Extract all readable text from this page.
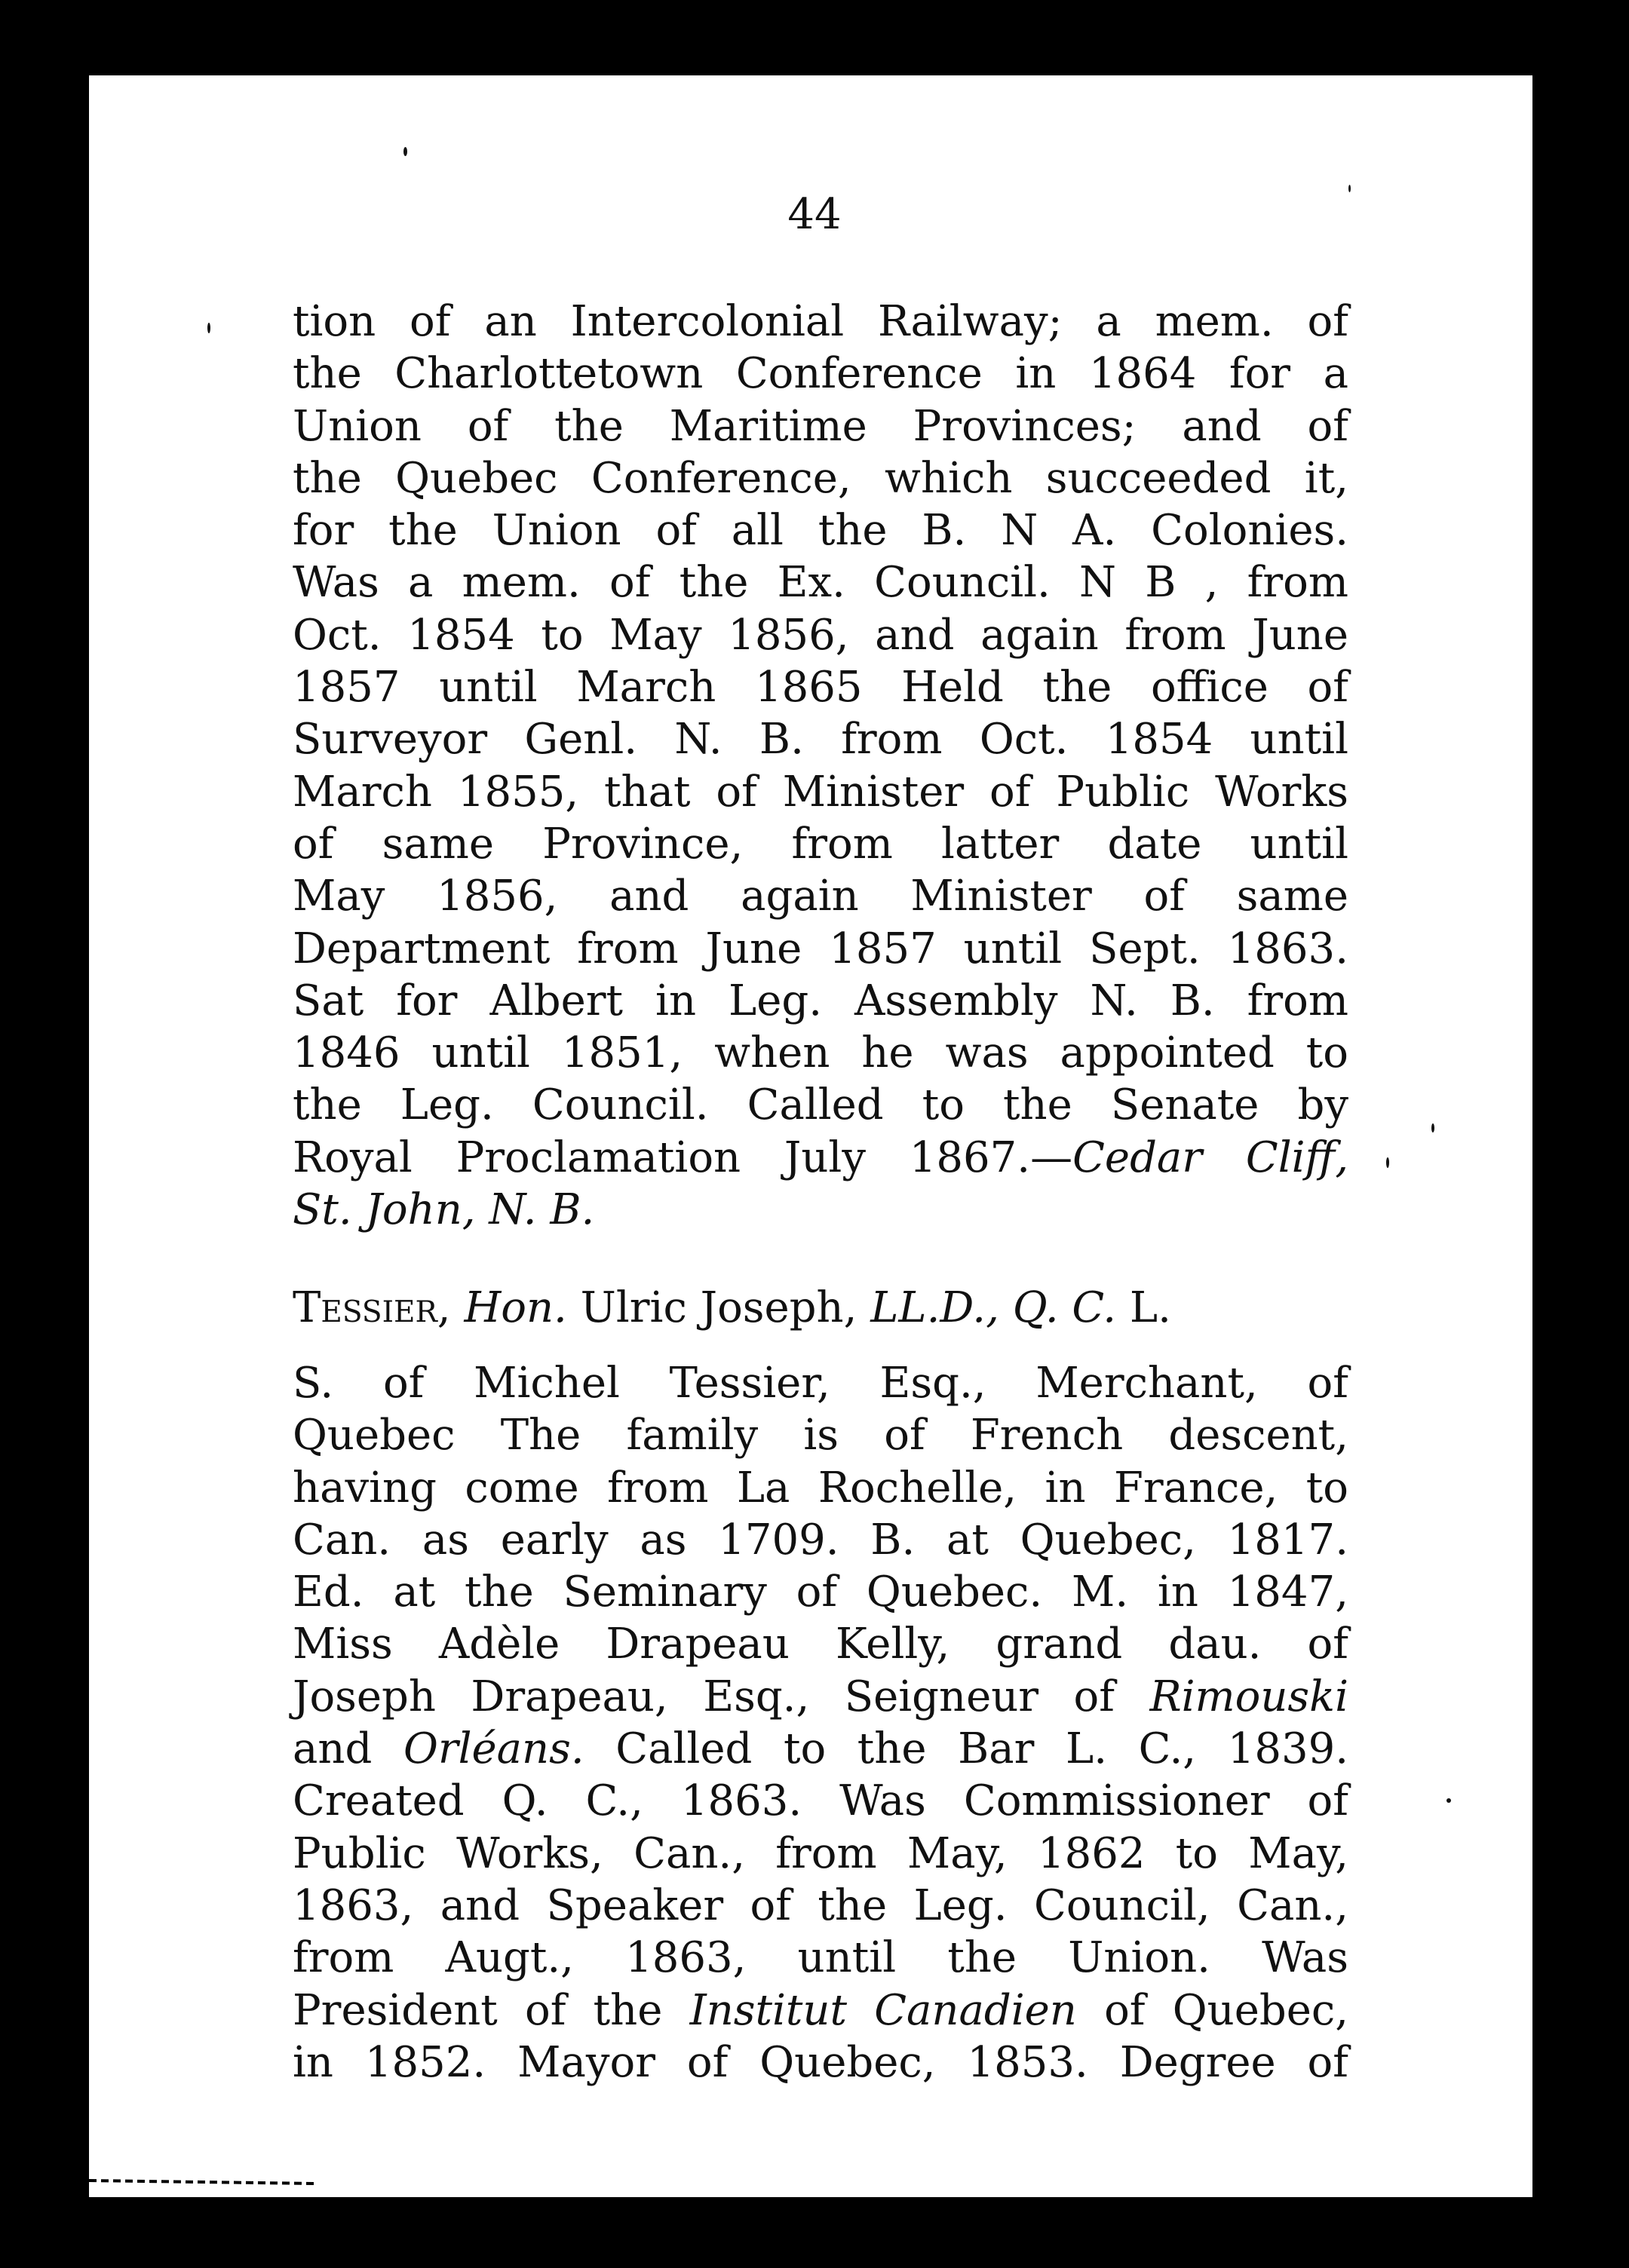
44
tion of an Intercolonial Railway; a mem. of
the Charlottetown Conference in 1864 for a
Union of the Maritime Provinces; and of
the Quebec Conference, which succeeded it,
for the Union of all the B. N A. Colonies.
Was a mem. of the Ex. Council. N B , from
Oct. 1854 to May 1856, and again from June
1857 until March 1865 Held the office of
Surveyor Genl. N. B. from Oct. 1854 until
March 1855, that of Minister of Public Works
of same Province, from latter date until
May 1856, and again Minister of same
Department from June 1857 until Sept. 1863.
Sat for Albert in Leg. Assembly N. B. from
1846 until 1851, when he was appointed to
the Leg. Council. Called to the Senate by
Royal Proclamation July 1867.—Cedar Cliff,
St. John, N. B.
Tessier, Hon. Ulric Joseph, LL.D., Q. C. L.
S. of Michel Tessier, Esq., Merchant, of
Quebec The family is of French descent,
having come from La Rochelle, in France, to
Can. as early as 1709. B. at Quebec, 1817.
Ed. at the Seminary of Quebec. M. in 1847,
Miss Adèle Drapeau Kelly, grand dau. of
Joseph Drapeau, Esq., Seigneur of Rimouski
and Orléans. Called to the Bar L. C., 1839.
Created Q. C., 1863. Was Commissioner of
Public Works, Can., from May, 1862 to May,
1863, and Speaker of the Leg. Council, Can.,
from Augt., 1863, until the Union. Was
President of the Institut Canadien of Quebec,
in 1852. Mayor of Quebec, 1853. Degree of
